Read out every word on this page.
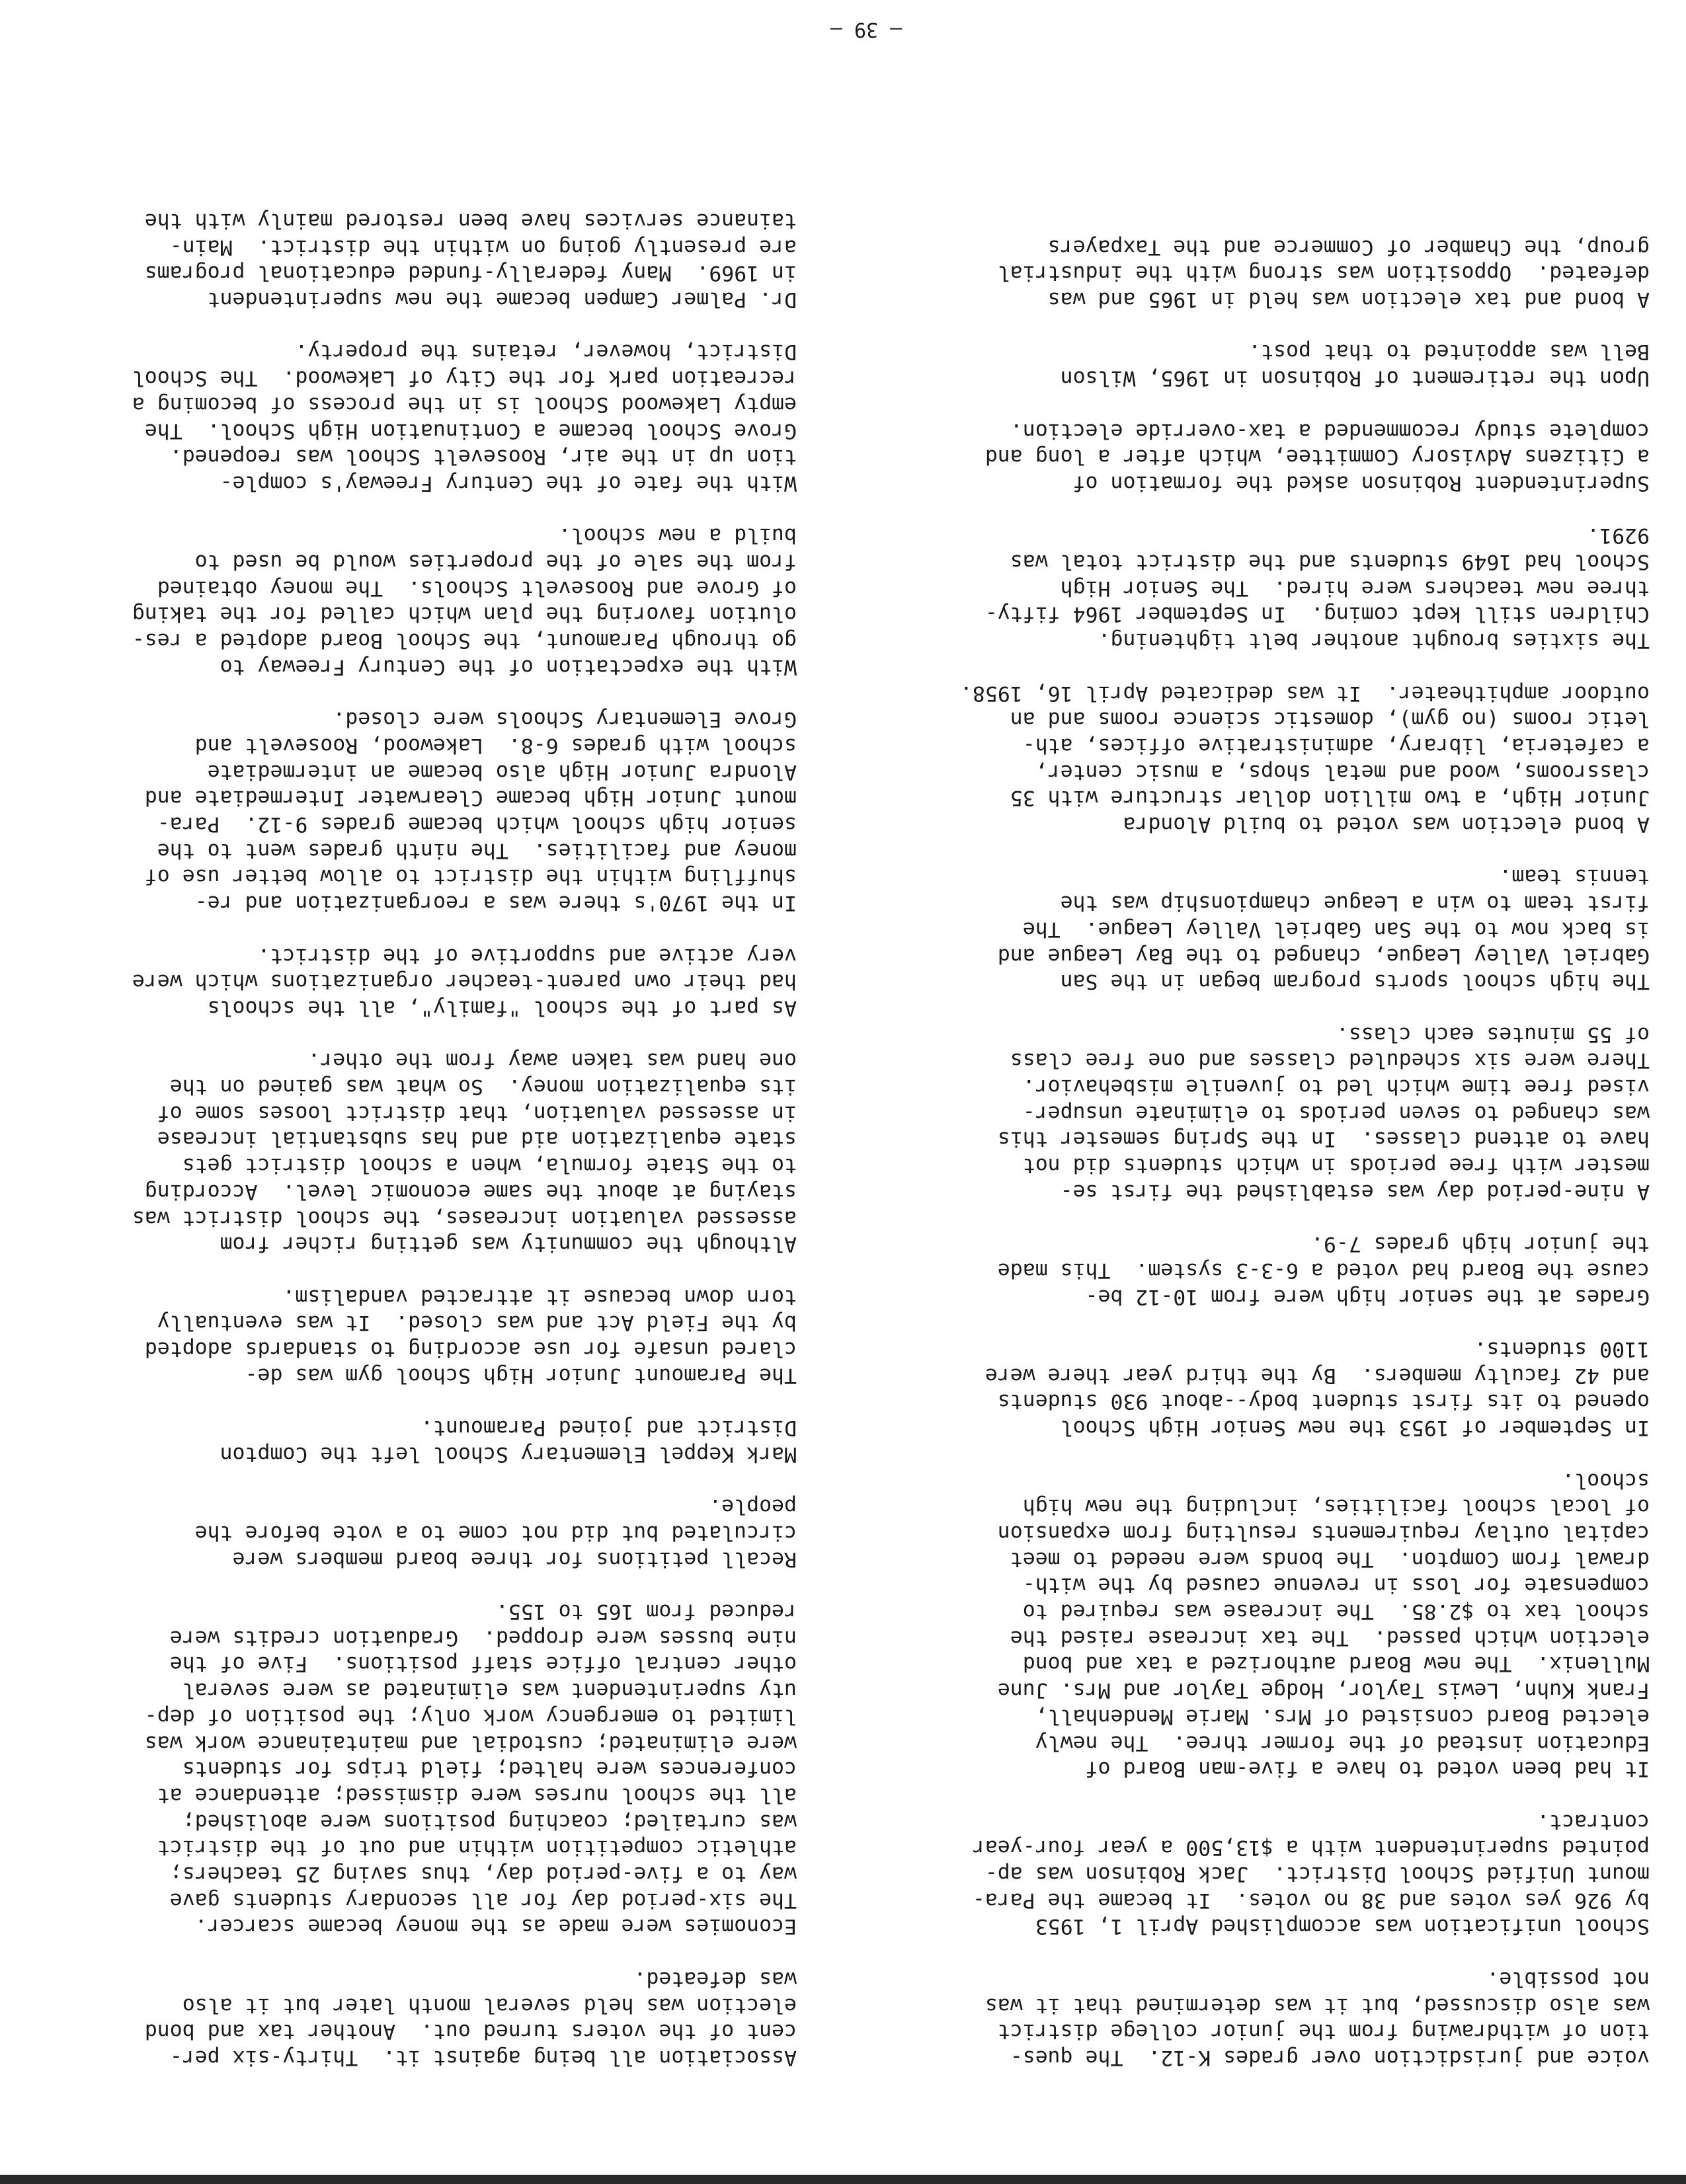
voice and jurisdiction over grades K-12.  The ques-
tion of withdrawing from the junior college district
was also discussed, but it was determined that it was
not possible.

School unification was accomplished April 1, 1953
by 926 yes votes and 38 no votes.  It became the Para-
mount Unified School District.  Jack Robinson was ap-
pointed superintendent with a $13,500 a year four-year
contract.

It had been voted to have a five-man Board of
Education instead of the former three.  The newly
elected Board consisted of Mrs. Marie Mendenhall,
Frank Kuhn, Lewis Taylor, Hodge Taylor and Mrs. June
Mullenix.  The new Board authorized a tax and bond
election which passed.  The tax increase raised the
school tax to $2.85.  The increase was required to
compensate for loss in revenue caused by the with-
drawal from Compton.  The bonds were needed to meet
capital outlay requirements resulting from expansion
of local school facilities, including the new high
school.

In September of 1953 the new Senior High School
opened to its first student body--about 930 students
and 42 faculty members.  By the third year there were
1100 students.

Grades at the senior high were from 10-12 be-
cause the Board had voted a 6-3-3 system.  This made
the junior high grades 7-9.

A nine-period day was established the first se-
mester with free periods in which students did not
have to attend classes.  In the Spring semester this
was changed to seven periods to eliminate unsuper-
vised free time which led to juvenile misbehavior.
There were six scheduled classes and one free class
of 55 minutes each class.

The high school sports program began in the San
Gabriel Valley League, changed to the Bay League and
is back now to the San Gabriel Valley League.  The
first team to win a League championship was the
tennis team.

A bond election was voted to build Alondra
Junior High, a two million dollar structure with 35
classrooms, wood and metal shops, a music center,
a cafeteria, library, administrative offices, ath-
letic rooms (no gym), domestic science rooms and an
outdoor amphitheater.  It was dedicated April 16, 1958.

The sixties brought another belt tightening.
Children still kept coming.  In September 1964 fifty-
three new teachers were hired.  The Senior High
School had 1649 students and the district total was
9291.

Superintendent Robinson asked the formation of
a Citizens Advisory Committee, which after a long and
complete study recommended a tax-override election.

Upon the retirement of Robinson in 1965, Wilson
Bell was appointed to that post.

A bond and tax election was held in 1965 and was
defeated.  Opposition was strong with the industrial
group, the Chamber of Commerce and the Taxpayers

Association all being against it.  Thirty-six per-
cent of the voters turned out.  Another tax and bond
election was held several month later but it also
was defeated.

Economies were made as the money became scarcer.
The six-period day for all secondary students gave
way to a five-period day, thus saving 25 teachers;
athletic competition within and out of the district
was curtailed; coaching positions were abolished;
all the school nurses were dismissed; attendance at
conferences were halted; field trips for students
were eliminated; custodial and maintainance work was
limited to emergency work only; the position of dep-
uty superintendent was eliminated as were several
other central office staff positions.  Five of the
nine busses were dropped.  Graduation credits were
reduced from 165 to 155.

Recall petitions for three board members were
circulated but did not come to a vote before the
people.

Mark Keppel Elementary School left the Compton
District and joined Paramount.

The Paramount Junior High School gym was de-
clared unsafe for use according to standards adopted
by the Field Act and was closed.  It was eventually
torn down because it attracted vandalism.

Although the community was getting richer from
assessed valuation increases, the school district was
staying at about the same economic level.  According
to the State formula, when a school district gets
state equalization aid and has substantial increase
in assessed valuation, that district looses some of
its equalization money.  So what was gained on the
one hand was taken away from the other.

As part of the school "family", all the schools
had their own parent-teacher organizations which were
very active and supportive of the district.

In the 1970's there was a reorganization and re-
shuffling within the district to allow better use of
money and facilities.  The ninth grades went to the
senior high school which became grades 9-12.  Para-
mount Junior High became Clearwater Intermediate and
Alondra Junior High also became an intermediate
school with grades 6-8.  Lakewood, Roosevelt and
Grove Elementary Schools were closed.

With the expectation of the Century Freeway to
go through Paramount, the School Board adopted a res-
olution favoring the plan which called for the taking
of Grove and Roosevelt Schools.  The money obtained
from the sale of the properties would be used to
build a new school.

With the fate of the Century Freeway's comple-
tion up in the air, Roosevelt School was reopened.
Grove School became a Continuation High School.  The
empty Lakewood School is in the process of becoming a
recreation park for the City of Lakewood.  The School
District, however, retains the property.

Dr. Palmer Campen became the new superintendent
in 1969.  Many federally-funded educational programs
are presently going on within the district.  Main-
tainance services have been restored mainly with the

— 39 —
